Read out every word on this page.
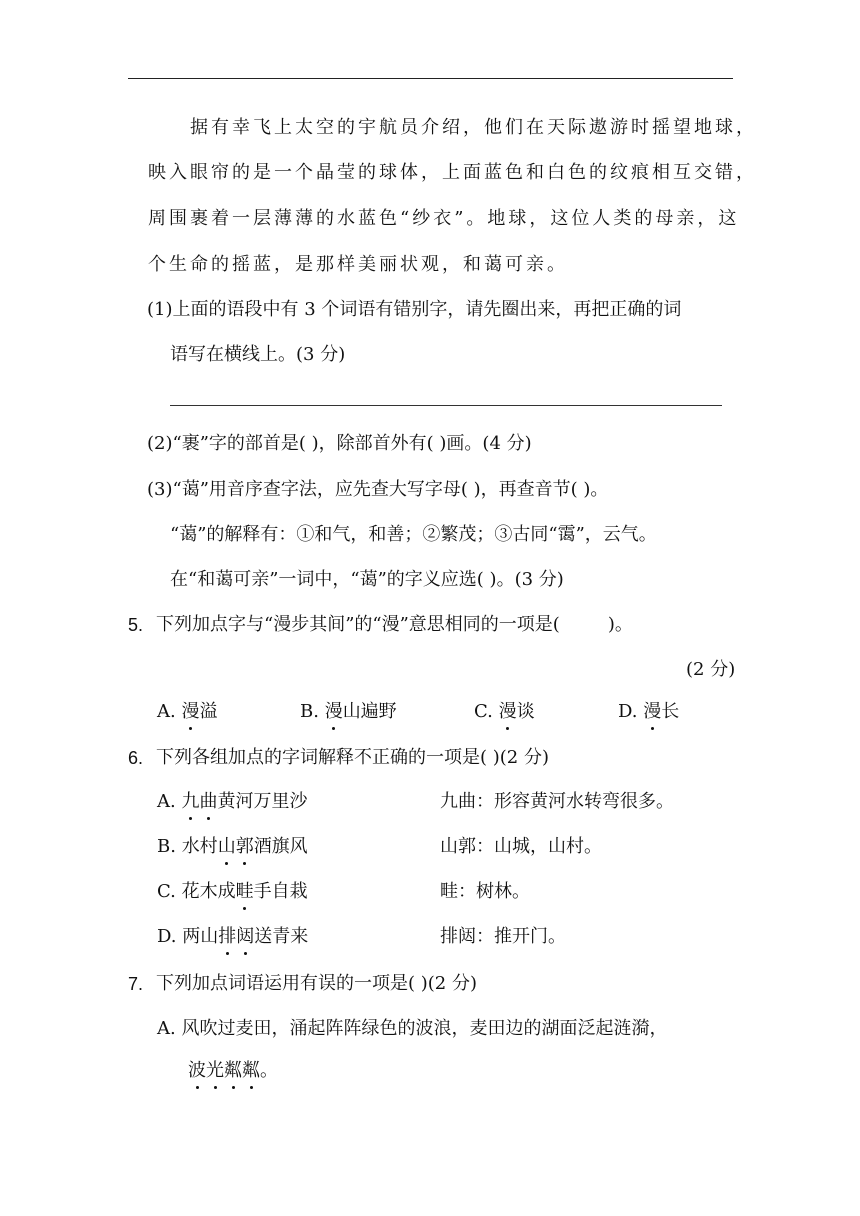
据有幸飞上太空的宇航员介绍，他们在天际遨游时摇望地球，
映入眼帘的是一个晶莹的球体，上面蓝色和白色的纹痕相互交错，
周围裹着一层薄薄的水蓝色“纱衣”。地球，这位人类的母亲，这
个生命的摇蓝，是那样美丽状观，和蔼可亲。
(1)上面的语段中有 3 个词语有错别字，请先圈出来，再把正确的词
语写在横线上。(3 分)
(2)“裹”字的部首是( )，除部首外有( )画。(4 分)
(3)“蔼”用音序查字法，应先查大写字母( )，再查音节( )。
“蔼”的解释有：①和气，和善；②繁茂；③古同“霭”，云气。
在“和蔼可亲”一词中，“蔼”的字义应选( )。(3 分)
5. 下列加点字与“漫步其间”的“漫”意思相同的一项是(	)。
(2 分)
A. 漫溢	B. 漫山遍野	C. 漫谈	D. 漫长
6. 下列各组加点的字词解释不正确的一项是( )(2 分)
A. 九曲黄河万里沙	九曲：形容黄河水转弯很多。
B. 水村山郭酒旗风	山郭：山城，山村。
C. 花木成畦手自栽	畦：树林。
D. 两山排闼送青来	排闼：推开门。
7. 下列加点词语运用有误的一项是( )(2 分)
A. 风吹过麦田，涌起阵阵绿色的波浪，麦田边的湖面泛起涟漪，
波光粼粼。
